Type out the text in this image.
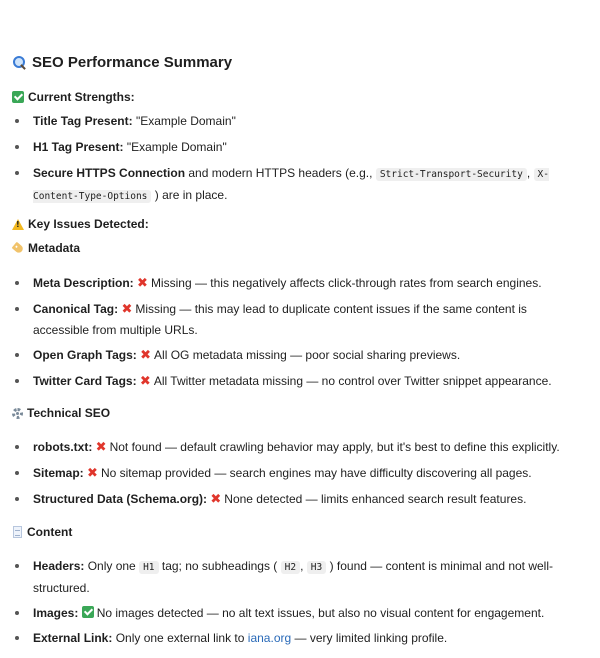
SEO Performance Summary
Current Strengths:
Title Tag Present: "Example Domain"
H1 Tag Present: "Example Domain"
Secure HTTPS Connection and modern HTTPS headers (e.g., Strict-Transport-Security , X-Content-Type-Options ) are in place.
!
Key Issues Detected:
Metadata
Meta Description: ✖ Missing — this negatively affects click-through rates from search engines.
Canonical Tag: ✖ Missing — this may lead to duplicate content issues if the same content is accessible from multiple URLs.
Open Graph Tags: ✖ All OG metadata missing — poor social sharing previews.
Twitter Card Tags: ✖ All Twitter metadata missing — no control over Twitter snippet appearance.
Technical SEO
robots.txt: ✖ Not found — default crawling behavior may apply, but it's best to define this explicitly.
Sitemap: ✖ No sitemap provided — search engines may have difficulty discovering all pages.
Structured Data (Schema.org): ✖ None detected — limits enhanced search result features.
Content
Headers: Only one H1 tag; no subheadings ( H2 , H3 ) found — content is minimal and not well-structured.
Images: No images detected — no alt text issues, but also no visual content for engagement.
External Link: Only one external link to iana.org — very limited linking profile.
